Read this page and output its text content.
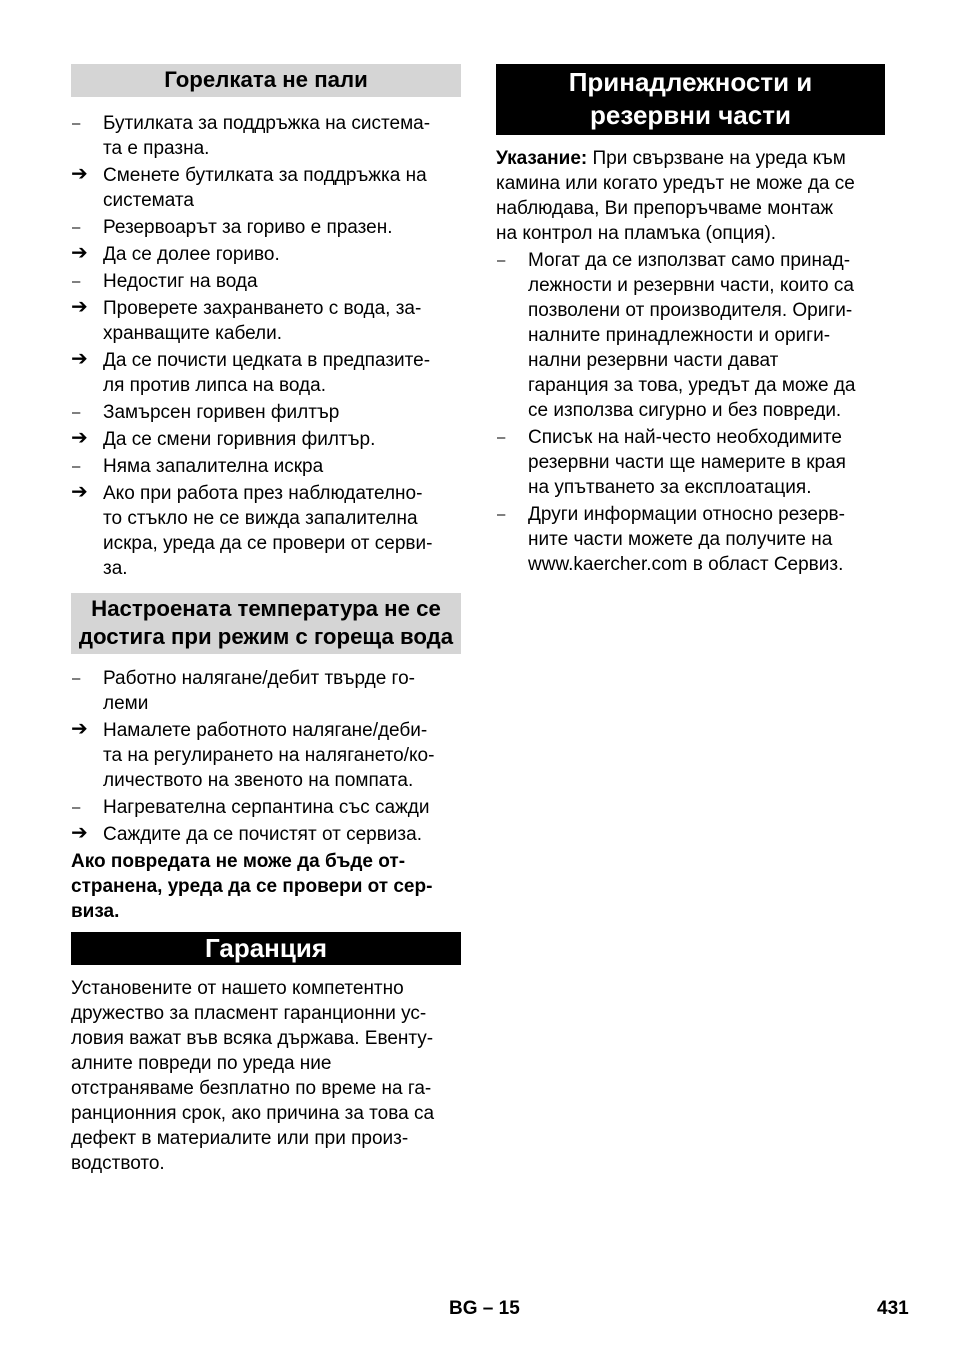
Горелката не пали
–	Бутилката за поддръжка на система-
та е празна.
➔ Сменете бутилката за поддръжка на
системата
–	Резервоарът за гориво е празен.
➔ Да се долее гориво.
–	Недостиг на вода
➔ Проверете захранването с вода, за-
хранващите кабели.
➔ Да се почисти цедката в предпазите-
ля против липса на вода.
–	Замърсен горивен филтър
➔ Да се смени горивния филтър.
–	Няма запалителна искра
➔ Ако при работа през наблюдателно-
то стъкло не се вижда запалителна
искра, уреда да се провери от серви-
за.
Настроената температура не се
достига при режим с гореща вода
–	Работно налягане/дебит твърде го-
леми
➔ Намалете работното налягане/деби-
та на регулирането на налягането/ко-
личеството на звеното на помпата.
–	Нагревателна серпантина със сажди
➔ Саждите да се почистят от сервиза.

Ако повредата не може да бъде от-
странена, уреда да се провери от сер-
виза.

Гаранция

Установените от нашето компетентно
дружество за пласмент гаранционни ус-
ловия важат във всяка държава. Евенту-
алните повреди по уреда ние
отстраняваме безплатно по време на га-
ранционния срок, ако причина за това са
дефект в материалите или при произ-
водството.

Принадлежности и
резервни части

Указание: При свързване на уреда към
камина или когато уредът не може да се
наблюдава, Ви препоръчваме монтаж
на контрол на пламъка (опция).

–	Могат да се използват само принад-
лежности и резервни части, които са
позволени от производителя. Ориги-
налните принадлежности и ориги-
нални резервни части дават
гаранция за това, уредът да може да
се използва сигурно и без повреди.
–	Списък на най-често необходимите
резервни части ще намерите в края
на упътването за експлоатация.
–	Други информации относно резерв-
ните части можете да получите на
www.kaercher.com в област Сервиз.
BG – 15	431
